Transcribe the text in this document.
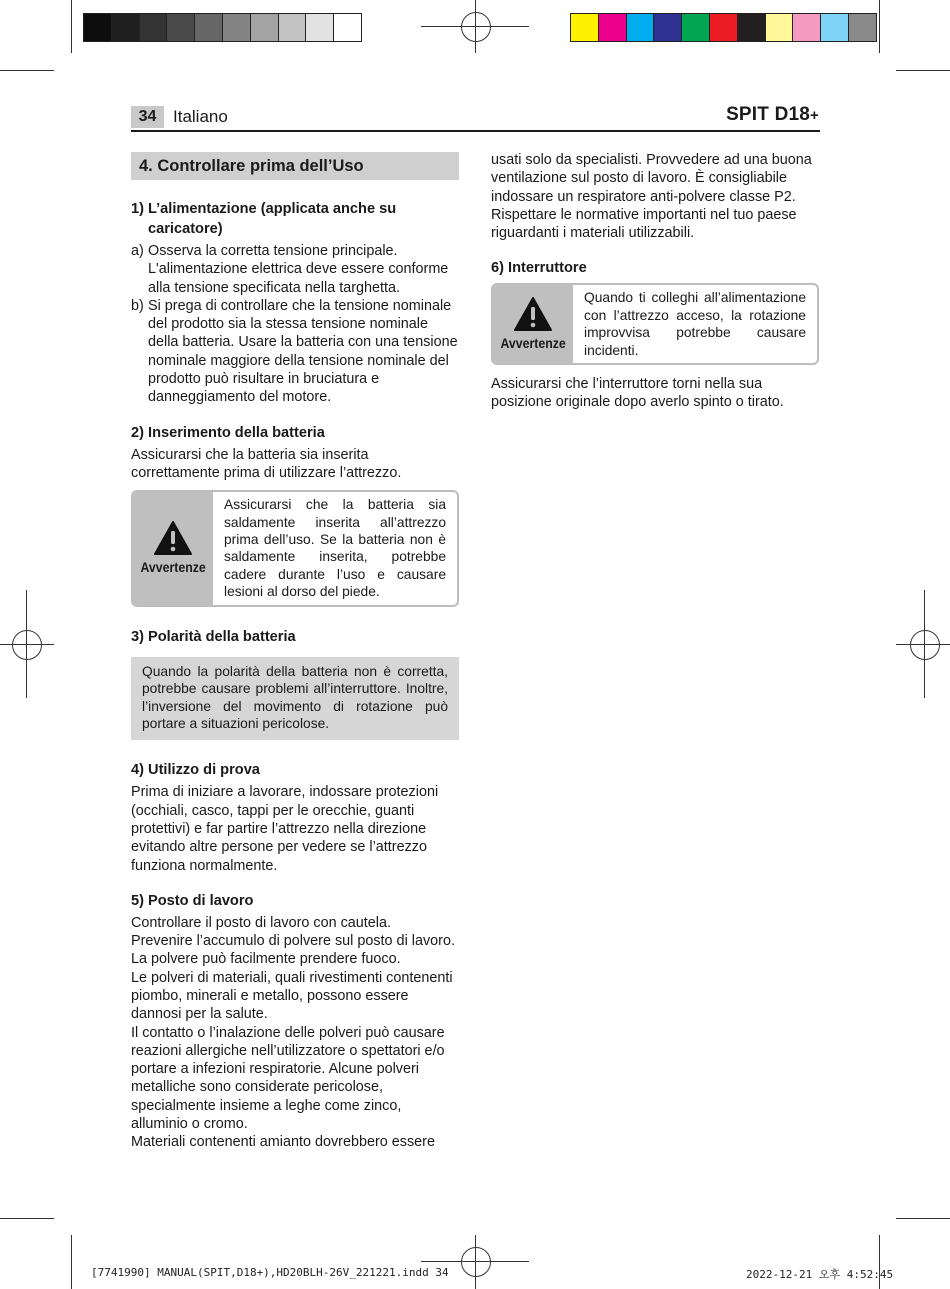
34 Italiano	SPIT D18+
4. Controllare prima dell’Uso
1) L’alimentazione (applicata anche su caricatore)
a) Osserva la corretta tensione principale. L'alimentazione elettrica deve essere conforme alla tensione specificata nella targhetta.

b) Si prega di controllare che la tensione nominale del prodotto sia la stessa tensione nominale della batteria. Usare la batteria con una tensione nominale maggiore della tensione nominale del prodotto può risultare in bruciatura e danneggiamento del motore.

2) Inserimento della batteria

Assicurarsi che la batteria sia inserita correttamente prima di utilizzare l’attrezzo.

Avvertenze
Assicurarsi che la batteria sia saldamente inserita all’attrezzo prima dell’uso. Se la batteria non è saldamente inserita, potrebbe cadere durante l’uso e causare lesioni al dorso del piede.
3) Polarità della batteria
Quando la polarità della batteria non è corretta, potrebbe causare problemi all’interruttore. Inoltre, l’inversione del movimento di rotazione può portare a situazioni pericolose.
4) Utilizzo di prova

Prima di iniziare a lavorare, indossare protezioni (occhiali, casco, tappi per le orecchie, guanti protettivi) e far partire l’attrezzo nella direzione evitando altre persone per vedere se l’attrezzo funziona normalmente.

5) Posto di lavoro

Controllare il posto di lavoro con cautela.

Prevenire l’accumulo di polvere sul posto di lavoro. La polvere può facilmente prendere fuoco.

Le polveri di materiali, quali rivestimenti contenenti piombo, minerali e metallo, possono essere dannosi per la salute.

Il contatto o l’inalazione delle polveri può causare reazioni allergiche nell’utilizzatore o spettatori e/o portare a infezioni respiratorie. Alcune polveri metalliche sono considerate pericolose, specialmente insieme a leghe come zinco, alluminio o cromo.

Materiali contenenti amianto dovrebbero essere

usati solo da specialisti. Provvedere ad una buona ventilazione sul posto di lavoro. È consigliabile indossare un respiratore anti-polvere classe P2. Rispettare le normative importanti nel tuo paese riguardanti i materiali utilizzabili.

6) Interruttore
Avvertenze
Quando ti colleghi all’alimentazione con l’attrezzo acceso, la rotazione improvvisa potrebbe causare incidenti.

Assicurarsi che l’interruttore torni nella sua posizione originale dopo averlo spinto o tirato.

[7741990] MANUAL(SPIT,D18+),HD20BLH-26V_221221.indd 34	2022-12-21 오후 4:52:45
